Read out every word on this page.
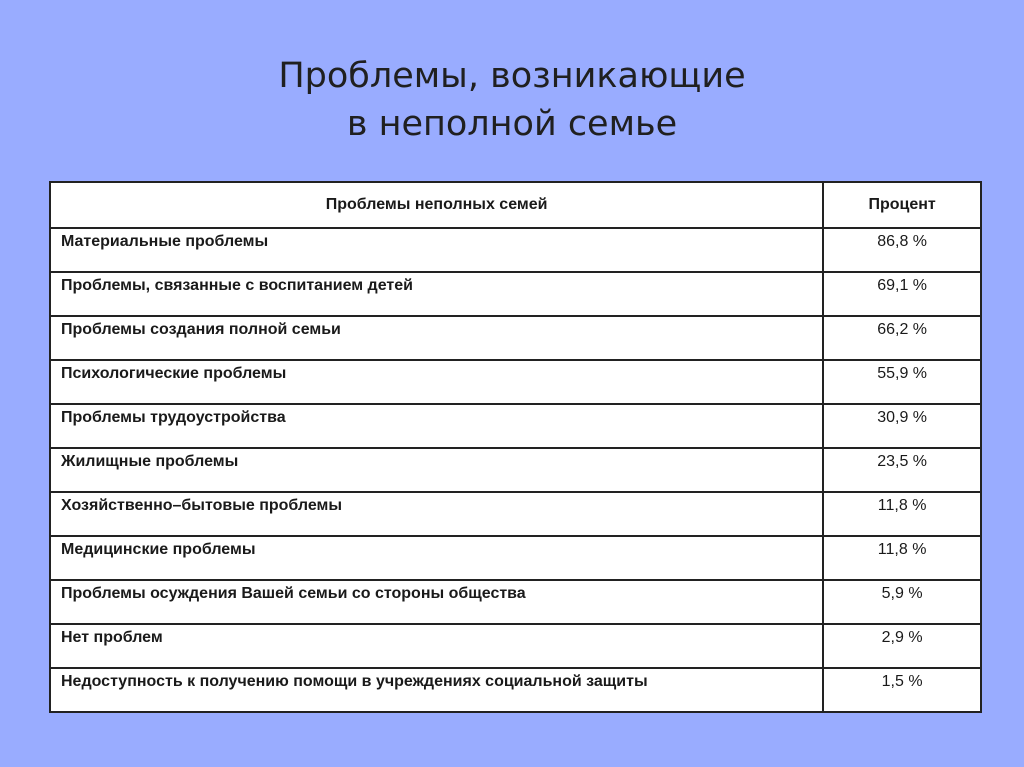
Проблемы, возникающие
в неполной семье
Проблемы неполных семей	Процент
Материальные проблемы	86,8 %
Проблемы, связанные с воспитанием детей	69,1 %
Проблемы создания полной семьи	66,2 %
Психологические проблемы	55,9 %
Проблемы трудоустройства	30,9 %
Жилищные проблемы	23,5 %
Хозяйственно–бытовые проблемы	11,8 %
Медицинские проблемы	11,8 %
Проблемы осуждения Вашей семьи со стороны общества	5,9 %
Нет проблем	2,9 %
Недоступность к получению помощи в учреждениях социальной защиты	1,5 %
